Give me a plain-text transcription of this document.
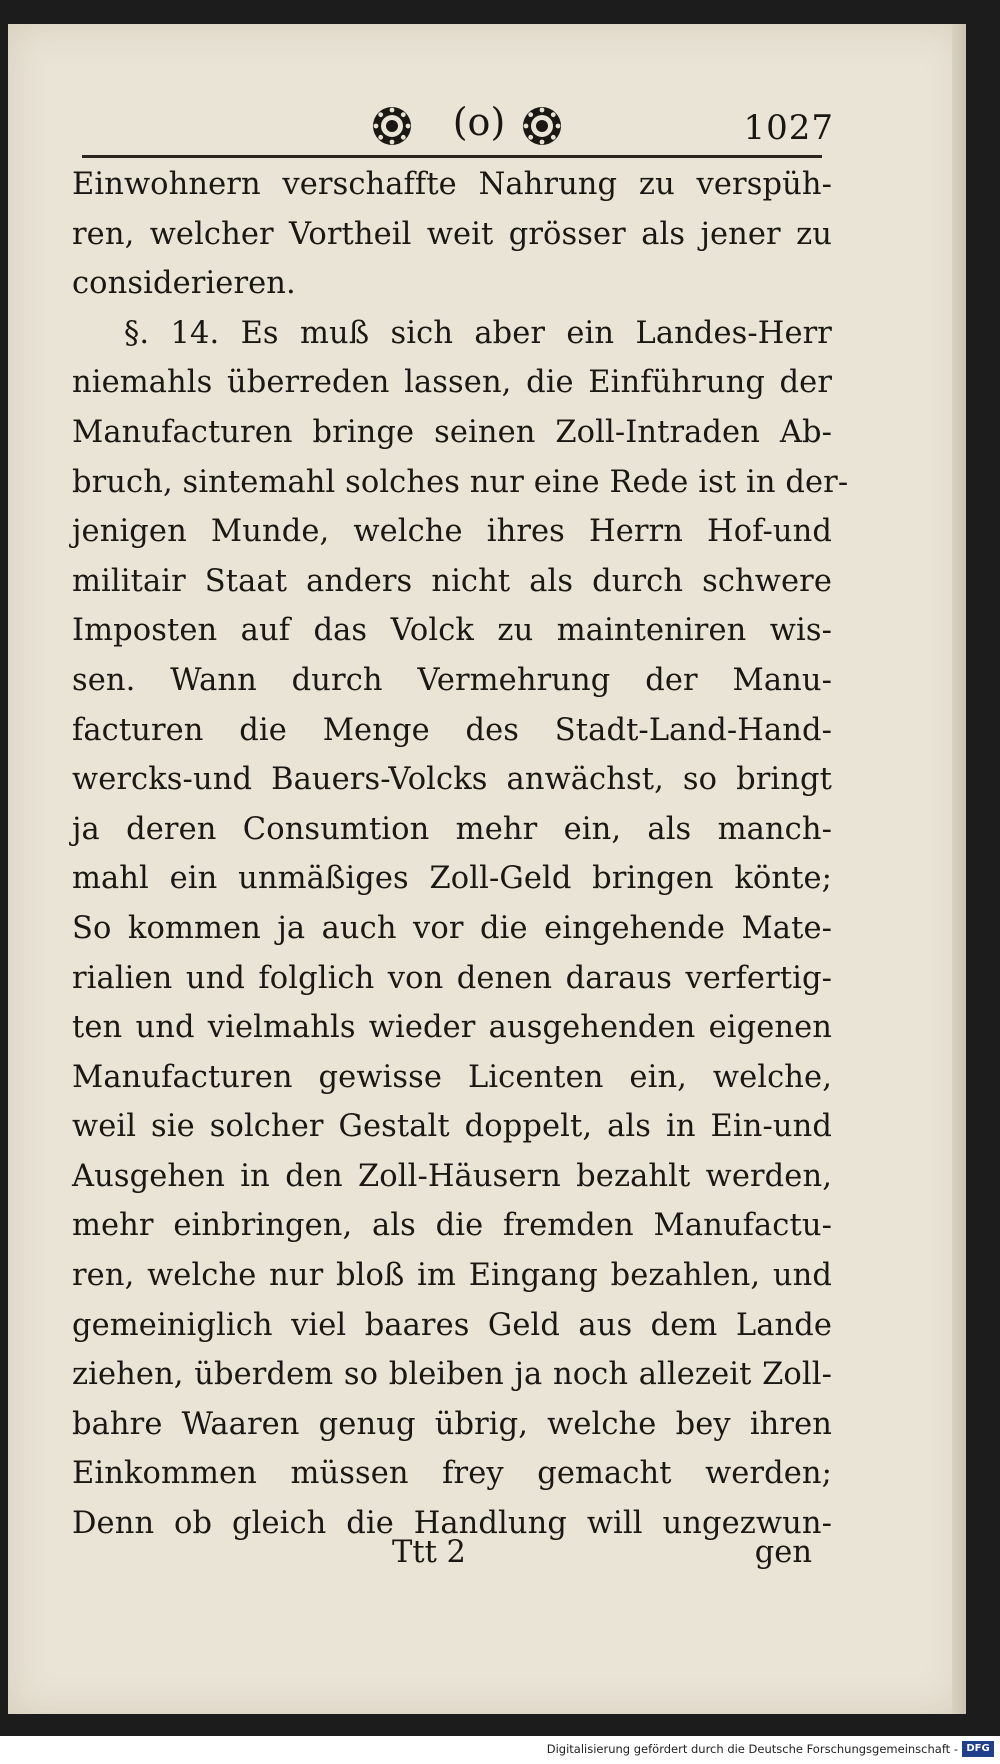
(o)	1027
Einwohnern verschaffte Nahrung zu verspüh-
ren, welcher Vortheil weit grösser als jener zu
considerieren.
§. 14. Es muß sich aber ein Landes-Herr
niemahls überreden lassen, die Einführung der
Manufacturen bringe seinen Zoll-Intraden Ab-
bruch, sintemahl solches nur eine Rede ist in der-
jenigen Munde, welche ihres Herrn Hof-und
militair Staat anders nicht als durch schwere
Imposten auf das Volck zu mainteniren wis-
sen. Wann durch Vermehrung der Manu-
facturen die Menge des Stadt-Land-Hand-
wercks-und Bauers-Volcks anwächst, so bringt
ja deren Consumtion mehr ein, als manch-
mahl ein unmäßiges Zoll-Geld bringen könte;
So kommen ja auch vor die eingehende Mate-
rialien und folglich von denen daraus verfertig-
ten und vielmahls wieder ausgehenden eigenen
Manufacturen gewisse Licenten ein, welche,
weil sie solcher Gestalt doppelt, als in Ein-und
Ausgehen in den Zoll-Häusern bezahlt werden,
mehr einbringen, als die fremden Manufactu-
ren, welche nur bloß im Eingang bezahlen, und
gemeiniglich viel baares Geld aus dem Lande
ziehen, überdem so bleiben ja noch allezeit Zoll-
bahre Waaren genug übrig, welche bey ihren
Einkommen müssen frey gemacht werden;
Denn ob gleich die Handlung will ungezwun-
Ttt 2	gen
Digitalisierung gefördert durch die Deutsche Forschungsgemeinschaft - DFG
